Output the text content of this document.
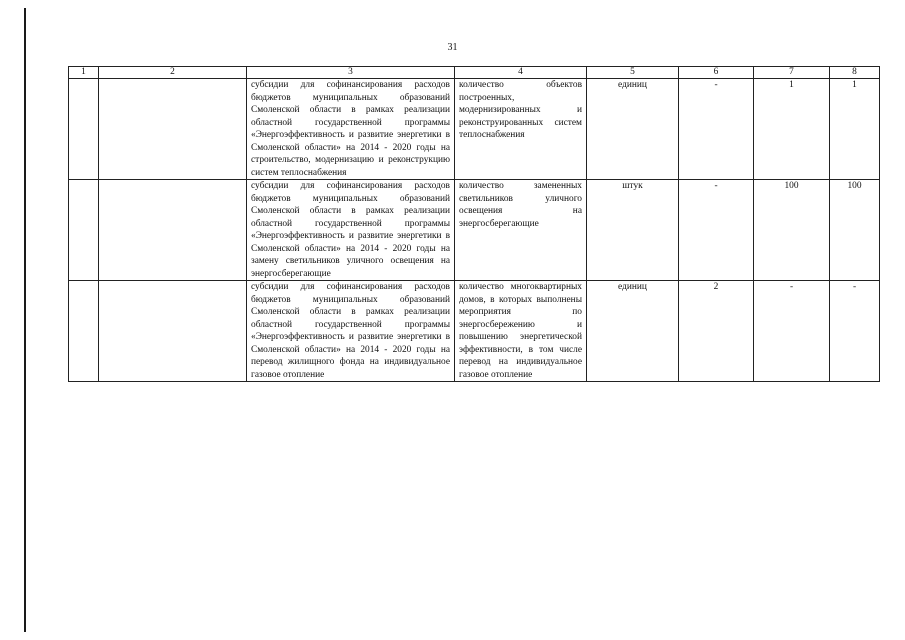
31
1	2	3	4	5	6	7	8
		субсидии для софинансирования расходов бюджетов муниципальных образований Смоленской области в рамках реализации областной государственной программы «Энергоэффективность и развитие энергетики в Смоленской области» на 2014 - 2020 годы на строительство, модернизацию и реконструкцию систем теплоснабжения	количество объектов построенных, модернизированных и реконструированных систем теплоснабжения	единиц	-	1	1
		субсидии для софинансирования расходов бюджетов муниципальных образований Смоленской области в рамках реализации областной государственной программы «Энергоэффективность и развитие энергетики в Смоленской области» на 2014 - 2020 годы на замену светильников уличного освещения на энергосберегающие	количество замененных светильников уличного освещения на энергосберегающие	штук	-	100	100
		субсидии для софинансирования расходов бюджетов муниципальных образований Смоленской области в рамках реализации областной государственной программы «Энергоэффективность и развитие энергетики в Смоленской области» на 2014 - 2020 годы на перевод жилищного фонда на индивидуальное газовое отопление	количество многоквартирных домов, в которых выполнены мероприятия по энергосбережению и повышению энергетической эффективности, в том числе перевод на индивидуальное газовое отопление	единиц	2	-	-
